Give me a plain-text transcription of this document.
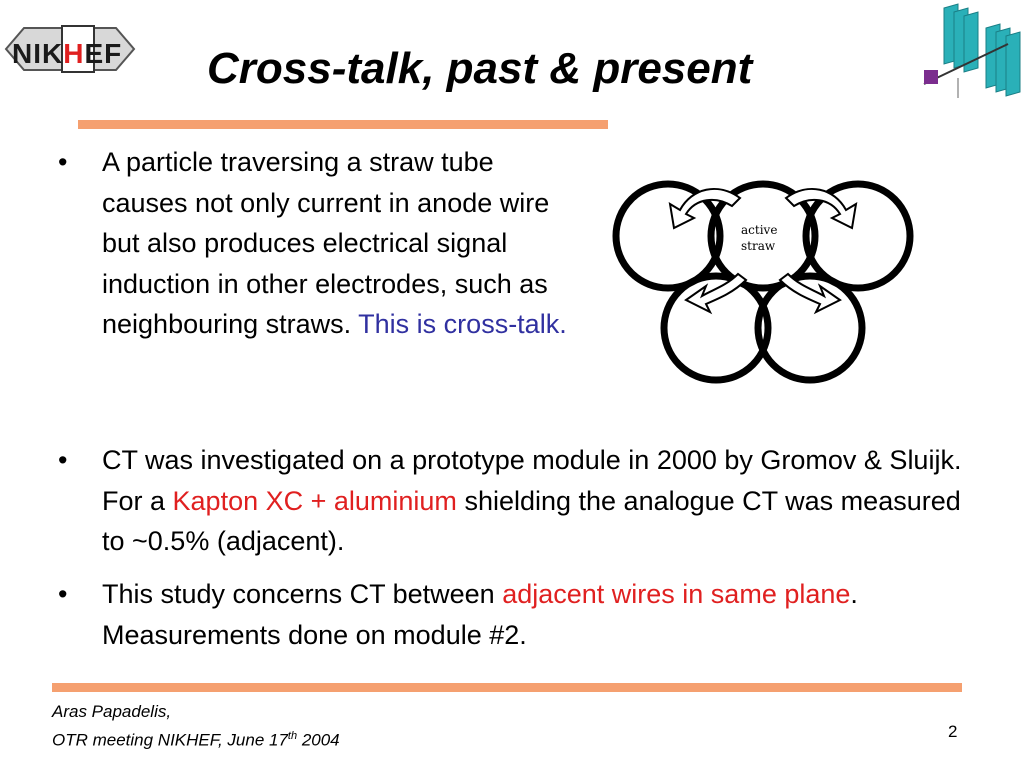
NIKHEF Cross-talk, past & present
• A particle traversing a straw tube causes not only current in anode wire but also produces electrical signal induction in other electrodes, such as neighbouring straws. This is cross-talk.
• CT was investigated on a prototype module in 2000 by Gromov & Sluijk. For a Kapton XC + aluminium shielding the analogue CT was measured to ~0.5% (adjacent).
• This study concerns CT between adjacent wires in same plane. Measurements done on module #2.
active
straw
Aras Papadelis,
OTR meeting NIKHEF, June 17th 2004	2
